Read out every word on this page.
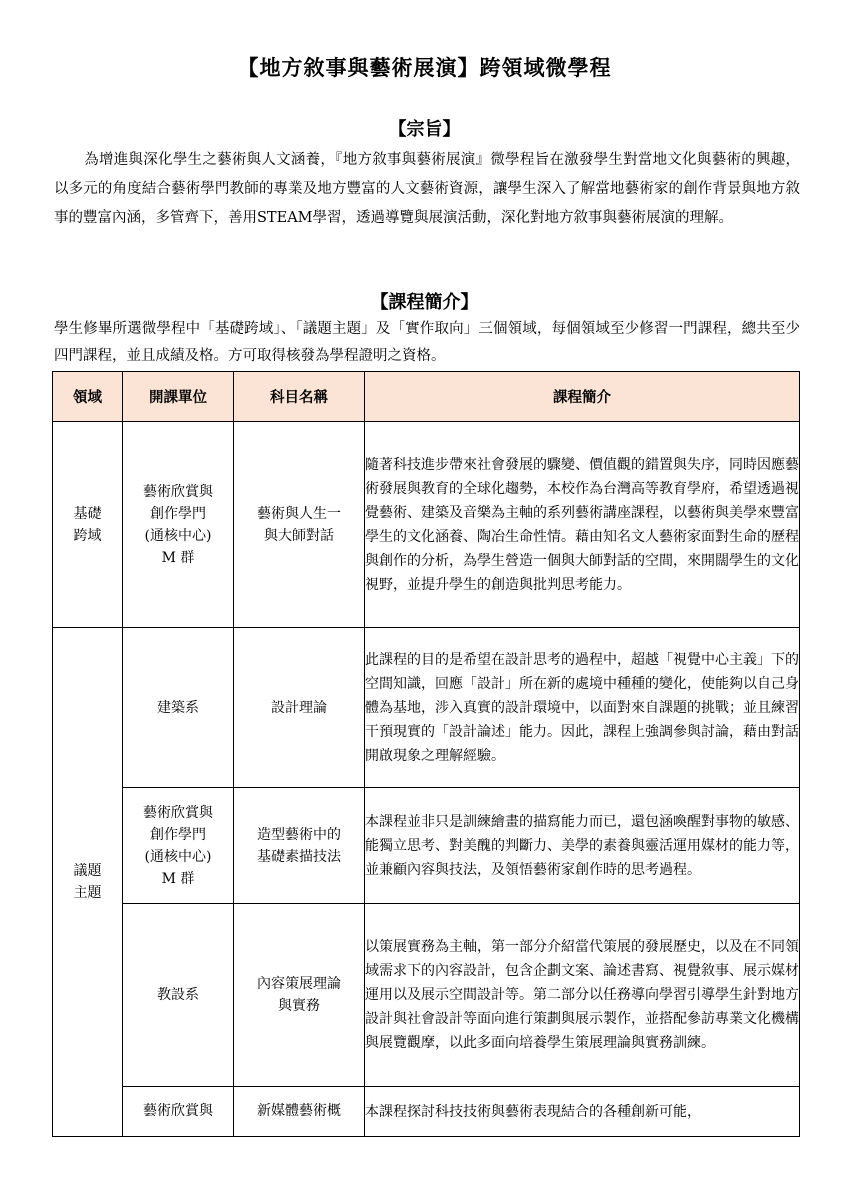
【地方敘事與藝術展演】跨領域微學程
【宗旨】
為增進與深化學生之藝術與人文涵養，『地方敘事與藝術展演』微學程旨在激發學生對當地文化與藝術的興趣，以多元的角度結合藝術學門教師的專業及地方豐富的人文藝術資源，讓學生深入了解當地藝術家的創作背景與地方敘事的豐富內涵，多管齊下，善用STEAM學習，透過導覽與展演活動，深化對地方敘事與藝術展演的理解。
【課程簡介】
學生修畢所選微學程中「基礎跨域」、「議題主題」及「實作取向」三個領域，每個領域至少修習一門課程，總共至少四門課程，並且成績及格。方可取得核發為學程證明之資格。
領域	開課單位	科目名稱	課程簡介

基礎
跨域	藝術欣賞與
創作學門
(通核中心)
M 群	藝術與人生一
與大師對話	隨著科技進步帶來社會發展的驟變、價值觀的錯置與失序，同時因應藝術發展與教育的全球化趨勢，本校作為台灣高等教育學府，希望透過視覺藝術、建築及音樂為主軸的系列藝術講座課程，以藝術與美學來豐富學生的文化涵養、陶冶生命性情。藉由知名文人藝術家面對生命的歷程與創作的分析，為學生營造一個與大師對話的空間，來開闊學生的文化視野，並提升學生的創造與批判思考能力。

議題
主題	建築系	設計理論	此課程的目的是希望在設計思考的過程中，超越「視覺中心主義」下的空間知識，回應「設計」所在新的處境中種種的變化，使能夠以自己身體為基地，涉入真實的設計環境中，以面對來自課題的挑戰；並且練習干預現實的「設計論述」能力。因此，課程上強調參與討論，藉由對話開啟現象之理解經驗。

	藝術欣賞與
創作學門
(通核中心)
M 群	造型藝術中的
基礎素描技法	本課程並非只是訓練繪畫的描寫能力而已，還包涵喚醒對事物的敏感、能獨立思考、對美醜的判斷力、美學的素養與靈活運用媒材的能力等，並兼顧內容與技法，及領悟藝術家創作時的思考過程。

	教設系	內容策展理論
與實務	以策展實務為主軸，第一部分介紹當代策展的發展歷史，以及在不同領域需求下的內容設計，包含企劃文案、論述書寫、視覺敘事、展示媒材運用以及展示空間設計等。第二部分以任務導向學習引導學生針對地方設計與社會設計等面向進行策劃與展示製作，並搭配參訪專業文化機構與展覽觀摩，以此多面向培養學生策展理論與實務訓練。

	藝術欣賞與	新媒體藝術概	本課程探討科技技術與藝術表現結合的各種創新可能，
